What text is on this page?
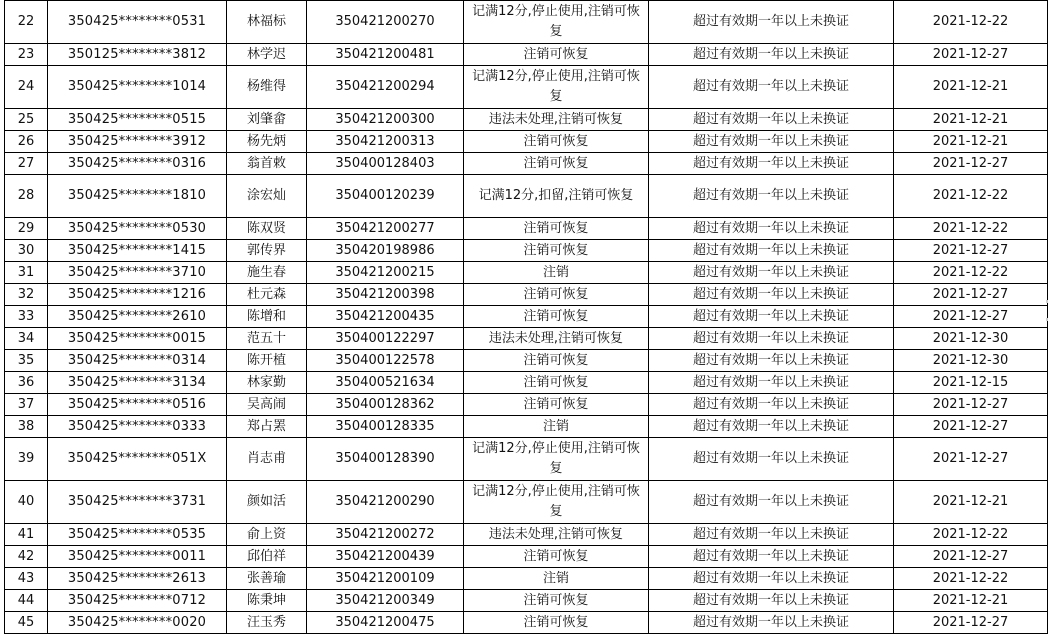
22	350425********0531	林福标	350421200270	记满12分,停止使用,注销可恢复	超过有效期一年以上未换证	2021-12-22
23	350125********3812	林学迟	350421200481	注销可恢复	超过有效期一年以上未换证	2021-12-27
24	350425********1014	杨维得	350421200294	记满12分,停止使用,注销可恢复	超过有效期一年以上未换证	2021-12-21
25	350425********0515	刘肇畲	350421200300	违法未处理,注销可恢复	超过有效期一年以上未换证	2021-12-21
26	350425********3912	杨先炳	350421200313	注销可恢复	超过有效期一年以上未换证	2021-12-21
27	350425********0316	翁首敕	350400128403	注销可恢复	超过有效期一年以上未换证	2021-12-27
28	350425********1810	涂宏灿	350400120239	记满12分,扣留,注销可恢复	超过有效期一年以上未换证	2021-12-22
29	350425********0530	陈双贤	350421200277	注销可恢复	超过有效期一年以上未换证	2021-12-22
30	350425********1415	郭传界	350420198986	注销可恢复	超过有效期一年以上未换证	2021-12-27
31	350425********3710	施生春	350421200215	注销	超过有效期一年以上未换证	2021-12-22
32	350425********1216	杜元森	350421200398	注销可恢复	超过有效期一年以上未换证	2021-12-27
33	350425********2610	陈增和	350421200435	注销可恢复	超过有效期一年以上未换证	2021-12-27
34	350425********0015	范五十	350400122297	违法未处理,注销可恢复	超过有效期一年以上未换证	2021-12-30
35	350425********0314	陈开植	350400122578	注销可恢复	超过有效期一年以上未换证	2021-12-30
36	350425********3134	林家勤	350400521634	注销可恢复	超过有效期一年以上未换证	2021-12-15
37	350425********0516	吴高闹	350400128362	注销可恢复	超过有效期一年以上未换证	2021-12-27
38	350425********0333	郑占罴	350400128335	注销	超过有效期一年以上未换证	2021-12-27
39	350425********051X	肖志甫	350400128390	记满12分,停止使用,注销可恢复	超过有效期一年以上未换证	2021-12-27
40	350425********3731	颜如活	350421200290	记满12分,停止使用,注销可恢复	超过有效期一年以上未换证	2021-12-21
41	350425********0535	俞上资	350421200272	违法未处理,注销可恢复	超过有效期一年以上未换证	2021-12-22
42	350425********0011	邱伯祥	350421200439	注销可恢复	超过有效期一年以上未换证	2021-12-27
43	350425********2613	张善瑜	350421200109	注销	超过有效期一年以上未换证	2021-12-22
44	350425********0712	陈秉坤	350421200349	注销可恢复	超过有效期一年以上未换证	2021-12-21
45	350425********0020	汪玉秀	350421200475	注销可恢复	超过有效期一年以上未换证	2021-12-27
